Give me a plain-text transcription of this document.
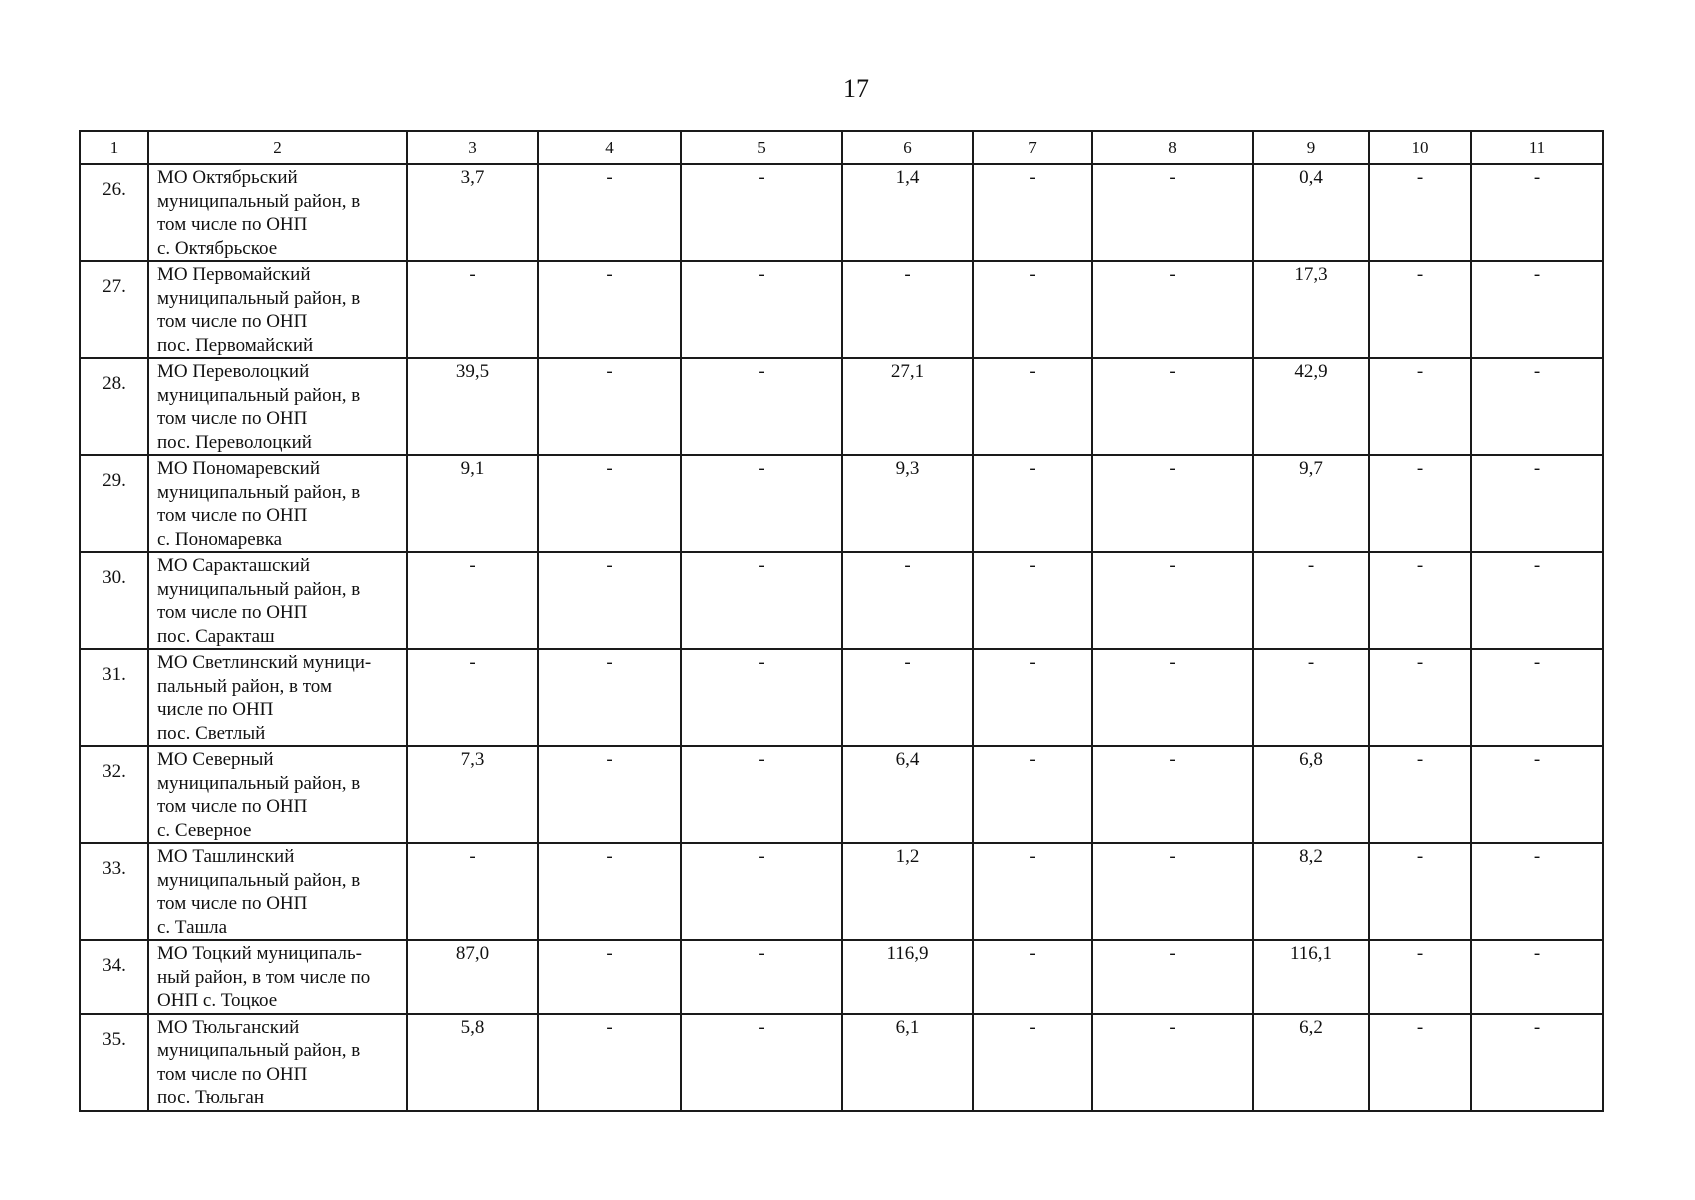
17
1	2	3	4	5	6	7	8	9	10	11
26.	МО Октябрьский
муниципальный район, в
том числе по ОНП
с. Октябрьское	3,7	-	-	1,4	-	-	0,4	-	-
27.	МО Первомайский
муниципальный район, в
том числе по ОНП
пос. Первомайский	-	-	-	-	-	-	17,3	-	-
28.	МО Переволоцкий
муниципальный район, в
том числе по ОНП
пос. Переволоцкий	39,5	-	-	27,1	-	-	42,9	-	-
29.	МО Пономаревский
муниципальный район, в
том числе по ОНП
с. Пономаревка	9,1	-	-	9,3	-	-	9,7	-	-
30.	МО Саракташский
муниципальный район, в
том числе по ОНП
пос. Саракташ	-	-	-	-	-	-	-	-	-
31.	МО Светлинский муници-
пальный район, в том
числе по ОНП
пос. Светлый	-	-	-	-	-	-	-	-	-
32.	МО Северный
муниципальный район, в
том числе по ОНП
с. Северное	7,3	-	-	6,4	-	-	6,8	-	-
33.	МО Ташлинский
муниципальный район, в
том числе по ОНП
с. Ташла	-	-	-	1,2	-	-	8,2	-	-
34.	МО Тоцкий муниципаль-
ный район, в том числе по
ОНП с. Тоцкое	87,0	-	-	116,9	-	-	116,1	-	-
35.	МО Тюльганский
муниципальный район, в
том числе по ОНП
пос. Тюльган	5,8	-	-	6,1	-	-	6,2	-	-
